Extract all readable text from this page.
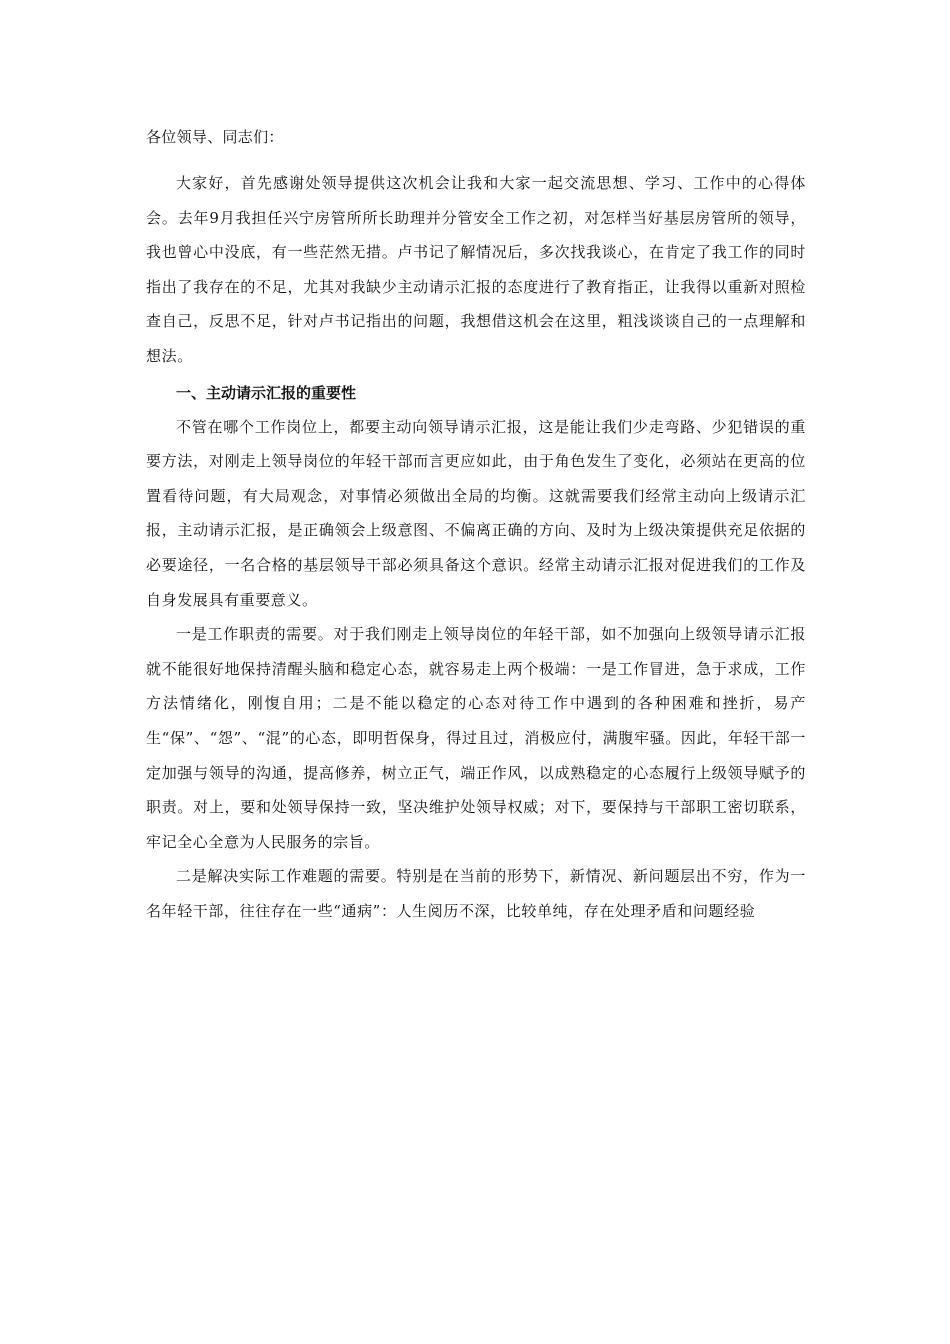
各位领导、同志们：

大家好，首先感谢处领导提供这次机会让我和大家一起交流思想、学习、工作中的心得体会。去年9月我担任兴宁房管所所长助理并分管安全工作之初，对怎样当好基层房管所的领导，我也曾心中没底，有一些茫然无措。卢书记了解情况后，多次找我谈心，在肯定了我工作的同时指出了我存在的不足，尤其对我缺少主动请示汇报的态度进行了教育指正，让我得以重新对照检查自己，反思不足，针对卢书记指出的问题，我想借这机会在这里，粗浅谈谈自己的一点理解和想法。

一、主动请示汇报的重要性

不管在哪个工作岗位上，都要主动向领导请示汇报，这是能让我们少走弯路、少犯错误的重要方法，对刚走上领导岗位的年轻干部而言更应如此，由于角色发生了变化，必须站在更高的位置看待问题，有大局观念，对事情必须做出全局的均衡。这就需要我们经常主动向上级请示汇报，主动请示汇报，是正确领会上级意图、不偏离正确的方向、及时为上级决策提供充足依据的必要途径，一名合格的基层领导干部必须具备这个意识。经常主动请示汇报对促进我们的工作及自身发展具有重要意义。

一是工作职责的需要。对于我们刚走上领导岗位的年轻干部，如不加强向上级领导请示汇报就不能很好地保持清醒头脑和稳定心态，就容易走上两个极端：一是工作冒进，急于求成，工作方法情绪化，刚愎自用；二是不能以稳定的心态对待工作中遇到的各种困难和挫折，易产生“保”、“怨”、“混”的心态，即明哲保身，得过且过，消极应付，满腹牢骚。因此，年轻干部一定加强与领导的沟通，提高修养，树立正气，端正作风，以成熟稳定的心态履行上级领导赋予的职责。对上，要和处领导保持一致，坚决维护处领导权威；对下，要保持与干部职工密切联系，牢记全心全意为人民服务的宗旨。

二是解决实际工作难题的需要。特别是在当前的形势下，新情况、新问题层出不穷，作为一名年轻干部，往往存在一些“通病”：人生阅历不深，比较单纯，存在处理矛盾和问题经验
